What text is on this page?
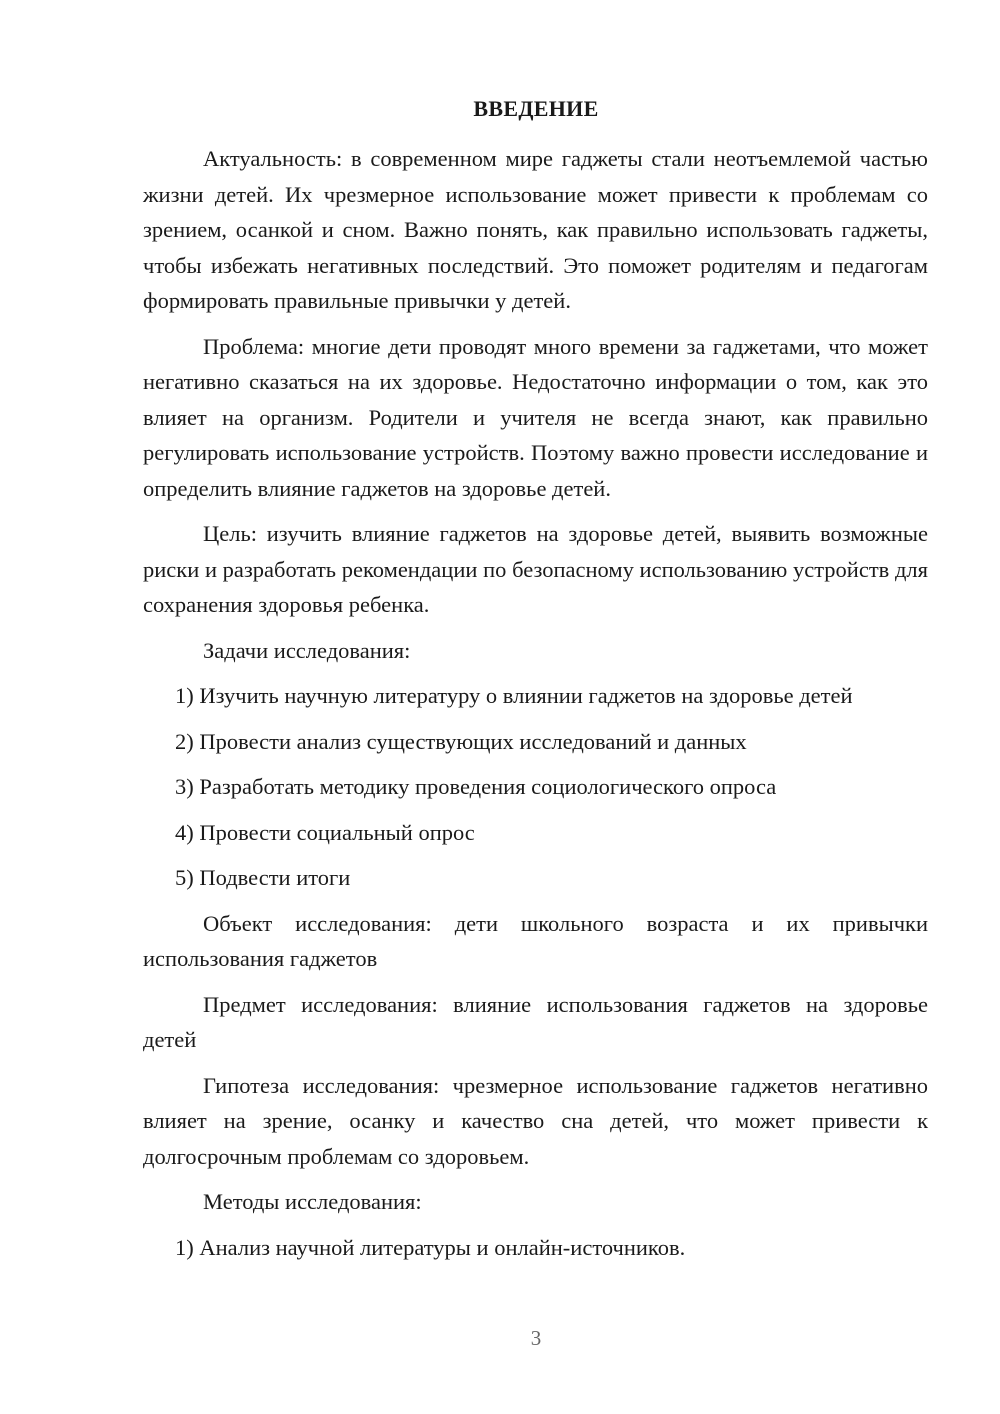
ВВЕДЕНИЕ

Актуальность: в современном мире гаджеты стали неотъемлемой частью жизни детей. Их чрезмерное использование может привести к проблемам со зрением, осанкой и сном. Важно понять, как правильно использовать гаджеты, чтобы избежать негативных последствий. Это поможет родителям и педагогам формировать правильные привычки у детей.

Проблема: многие дети проводят много времени за гаджетами, что может негативно сказаться на их здоровье. Недостаточно информации о том, как это влияет на организм. Родители и учителя не всегда знают, как правильно регулировать использование устройств. Поэтому важно провести исследование и определить влияние гаджетов на здоровье детей.

Цель: изучить влияние гаджетов на здоровье детей, выявить возможные риски и разработать рекомендации по безопасному использованию устройств для сохранения здоровья ребенка.

Задачи исследования:

1) Изучить научную литературу о влиянии гаджетов на здоровье детей
2) Провести анализ существующих исследований и данных
3) Разработать методику проведения социологического опроса
4) Провести социальный опрос
5) Подвести итоги

Объект исследования: дети школьного возраста и их привычки использования гаджетов

Предмет исследования: влияние использования гаджетов на здоровье детей

Гипотеза исследования: чрезмерное использование гаджетов негативно влияет на зрение, осанку и качество сна детей, что может привести к долгосрочным проблемам со здоровьем.

Методы исследования:

1) Анализ научной литературы и онлайн-источников.
3
